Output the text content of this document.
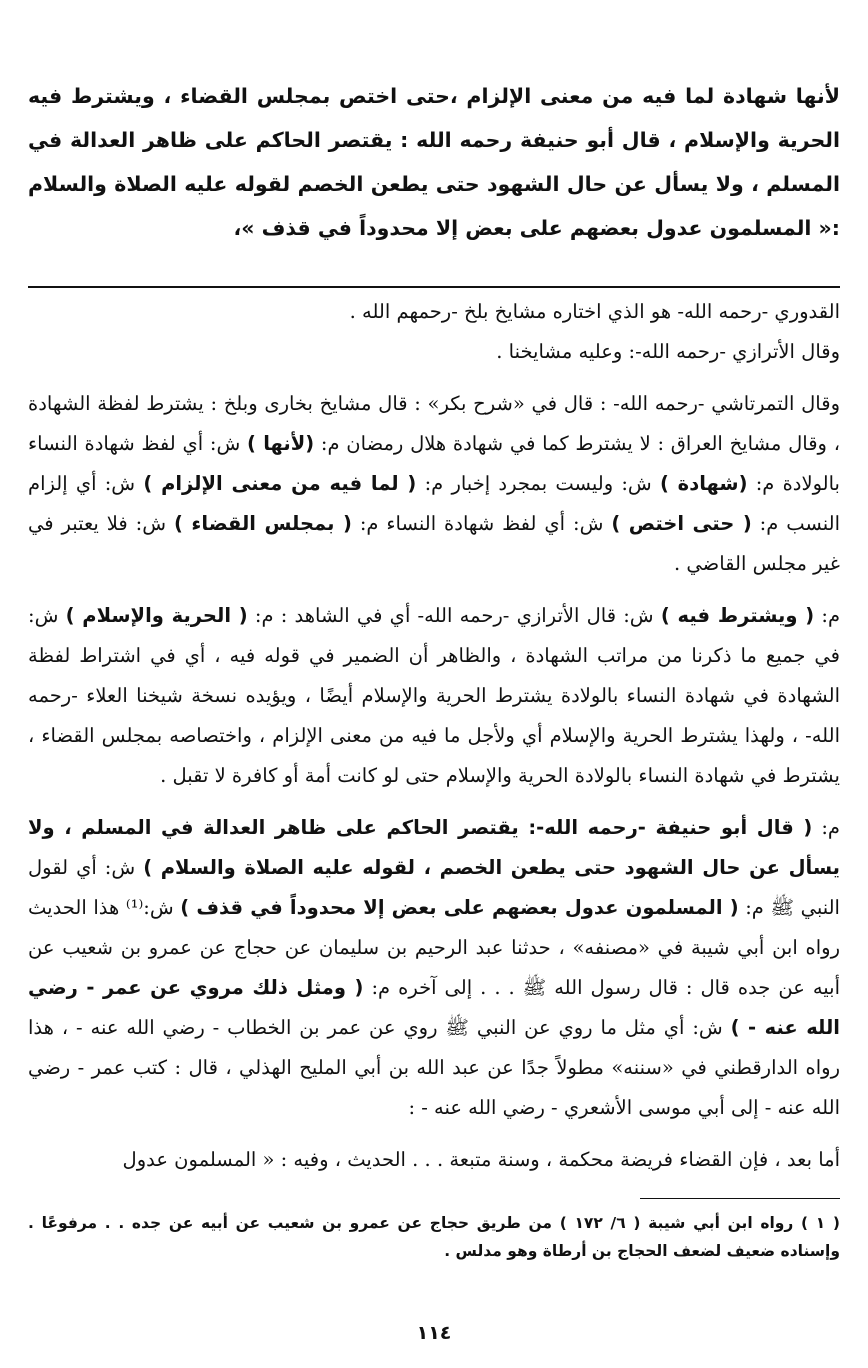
لأنها شهادة لما فيه من معنى الإلزام ،حتى اختص بمجلس القضاء ، ويشترط فيه الحرية والإسلام ، قال أبو حنيفة رحمه الله : يقتصر الحاكم على ظاهر العدالة في المسلم ، ولا يسأل عن حال الشهود حتى يطعن الخصم لقوله عليه الصلاة والسلام :« المسلمون عدول بعضهم على بعض إلا محدوداً في قذف »،

القدوري -رحمه الله- هو الذي اختاره مشايخ بلخ -رحمهم الله .

وقال الأترازي -رحمه الله-: وعليه مشايخنا .

وقال التمرتاشي -رحمه الله- : قال في «شرح بكر» : قال مشايخ بخارى وبلخ : يشترط لفظة الشهادة ، وقال مشايخ العراق : لا يشترط كما في شهادة هلال رمضان م: (لأنها ) ش: أي لفظ شهادة النساء بالولادة م: (شهادة ) ش: وليست بمجرد إخبار م: ( لما فيه من معنى الإلزام ) ش: أي إلزام النسب م: ( حتى اختص ) ش: أي لفظ شهادة النساء م: ( بمجلس القضاء ) ش: فلا يعتبر في غير مجلس القاضي .

م: ( ويشترط فيه ) ش: قال الأترازي -رحمه الله- أي في الشاهد : م: ( الحرية والإسلام ) ش: في جميع ما ذكرنا من مراتب الشهادة ، والظاهر أن الضمير في قوله فيه ، أي في اشتراط لفظة الشهادة في شهادة النساء بالولادة يشترط الحرية والإسلام أيضًا ، ويؤيده نسخة شيخنا العلاء -رحمه الله- ، ولهذا يشترط الحرية والإسلام أي ولأجل ما فيه من معنى الإلزام ، واختصاصه بمجلس القضاء ، يشترط في شهادة النساء بالولادة الحرية والإسلام حتى لو كانت أمة أو كافرة لا تقبل .

م: ( قال أبو حنيفة -رحمه الله-: يقتصر الحاكم على ظاهر العدالة في المسلم ، ولا يسأل عن حال الشهود حتى يطعن الخصم ، لقوله عليه الصلاة والسلام ) ش: أي لقول النبي ﷺ م: ( المسلمون عدول بعضهم على بعض إلا محدوداً في قذف ) ش:⁽¹⁾ هذا الحديث رواه ابن أبي شيبة في «مصنفه» ، حدثنا عبد الرحيم بن سليمان عن حجاج عن عمرو بن شعيب عن أبيه عن جده قال : قال رسول الله ﷺ . . . إلى آخره م: ( ومثل ذلك مروي عن عمر - رضي الله عنه - ) ش: أي مثل ما روي عن النبي ﷺ روي عن عمر بن الخطاب - رضي الله عنه - ، هذا رواه الدارقطني في «سننه» مطولاً جدًا عن عبد الله بن أبي المليح الهذلي ، قال : كتب عمر - رضي الله عنه - إلى أبي موسى الأشعري - رضي الله عنه - :

أما بعد ، فإن القضاء فريضة محكمة ، وسنة متبعة . . . الحديث ، وفيه : « المسلمون عدول

( ١ ) رواه ابن أبي شيبة ( ٦/ ١٧٢ ) من طريق حجاج عن عمرو بن شعيب عن أبيه عن جده . . مرفوعًا . وإسناده ضعيف لضعف الحجاج بن أرطاة وهو مدلس .
١١٤
